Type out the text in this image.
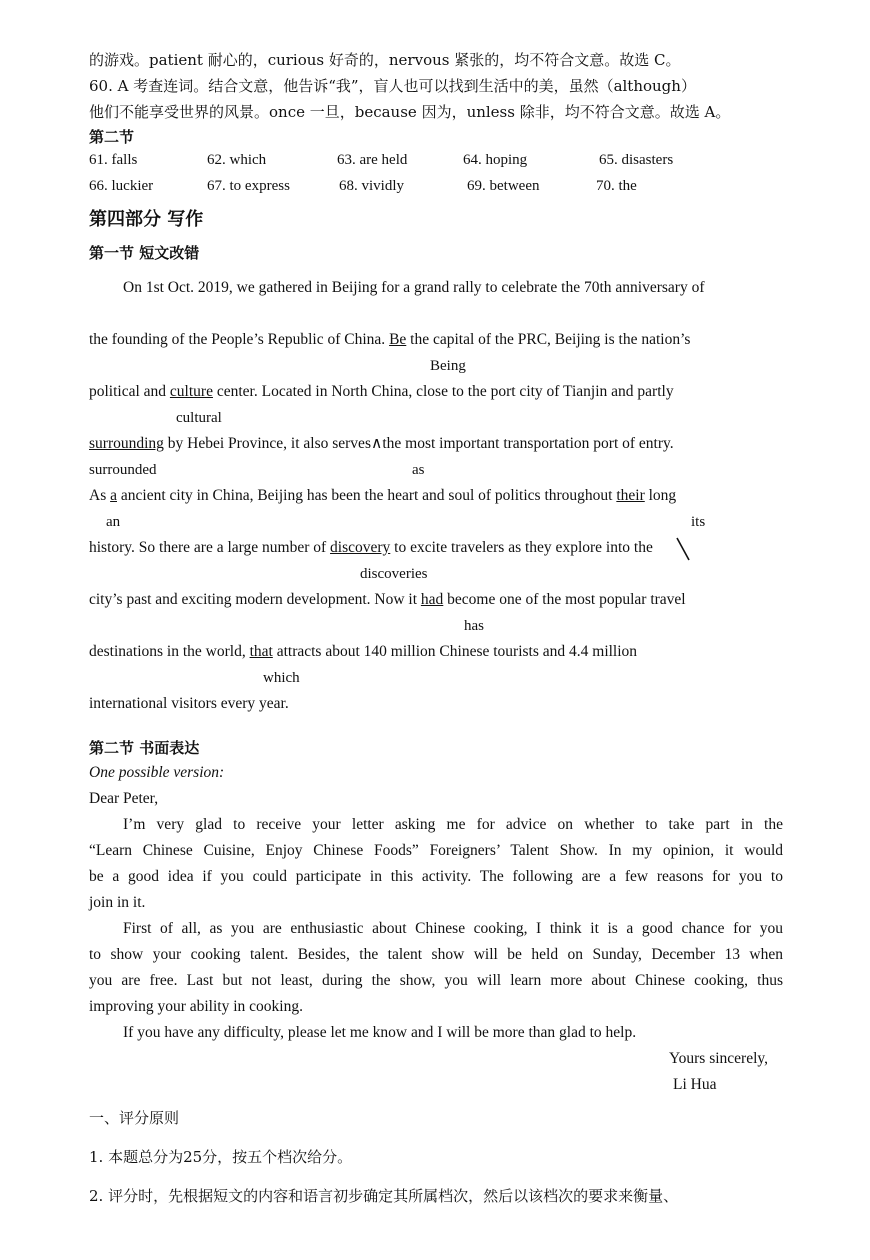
的游戏。patient 耐心的，curious 好奇的，nervous 紧张的，均不符合文意。故选 C。
60. A 考查连词。结合文意，他告诉“我”，盲人也可以找到生活中的美，虽然（although）
他们不能享受世界的风景。once 一旦，because 因为，unless 除非，均不符合文意。故选 A。
第二节
61. falls	62. which	63. are held	64. hoping	65. disasters
66. luckier	67. to express	68. vividly	69. between	70. the
第四部分 写作
第一节 短文改错
On 1st Oct. 2019, we gathered in Beijing for a grand rally to celebrate the 70th anniversary of
the founding of the People’s Republic of China. Be the capital of the PRC, Beijing is the nation’s
Being
political and culture center. Located in North China, close to the port city of Tianjin and partly
cultural
surrounding by Hebei Province, it also serves∧the most important transportation port of entry.
surrounded	as
As a ancient city in China, Beijing has been the heart and soul of politics throughout their long
an	its
history. So there are a large number of discovery to excite travelers as they explore into the
discoveries
city’s past and exciting modern development. Now it had become one of the most popular travel
has
destinations in the world, that attracts about 140 million Chinese tourists and 4.4 million
which
international visitors every year.
第二节 书面表达
One possible version:
Dear Peter,
I’m very glad to receive your letter asking me for advice on whether to take part in the
“Learn Chinese Cuisine, Enjoy Chinese Foods” Foreigners’ Talent Show. In my opinion, it would
be a good idea if you could participate in this activity. The following are a few reasons for you to
join in it.
First of all, as you are enthusiastic about Chinese cooking, I think it is a good chance for you
to show your cooking talent. Besides, the talent show will be held on Sunday, December 13 when
you are free. Last but not least, during the show, you will learn more about Chinese cooking, thus
improving your ability in cooking.
If you have any difficulty, please let me know and I will be more than glad to help.
Yours sincerely,
Li Hua
一、评分原则
1. 本题总分为25分，按五个档次给分。
2. 评分时，先根据短文的内容和语言初步确定其所属档次，然后以该档次的要求来衡量、
